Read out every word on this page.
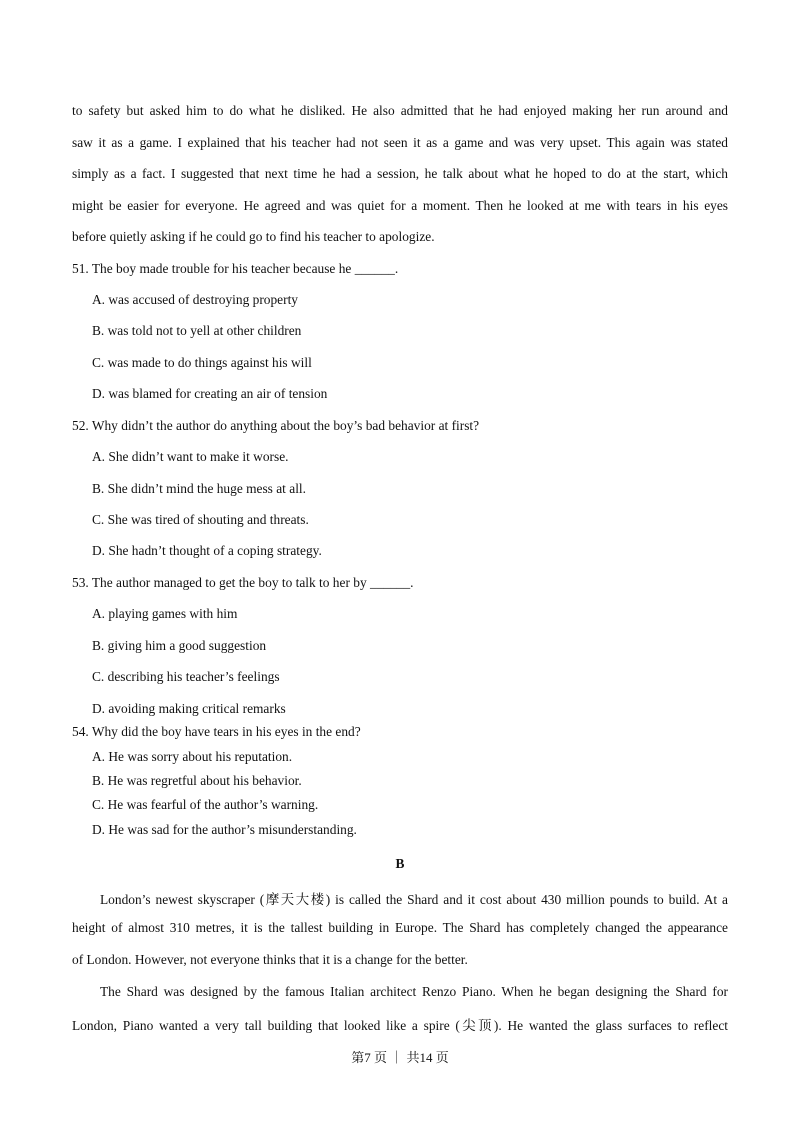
to safety but asked him to do what he disliked. He also admitted that he had enjoyed making her run around and
saw it as a game. I explained that his teacher had not seen it as a game and was very upset. This again was stated
simply as a fact. I suggested that next time he had a session, he talk about what he hoped to do at the start, which
might be easier for everyone. He agreed and was quiet for a moment. Then he looked at me with tears in his eyes
before quietly asking if he could go to find his teacher to apologize.
51. The boy made trouble for his teacher because he ______.
A. was accused of destroying property
B. was told not to yell at other children
C. was made to do things against his will
D. was blamed for creating an air of tension
52. Why didn’t the author do anything about the boy’s bad behavior at first?
A. She didn’t want to make it worse.
B. She didn’t mind the huge mess at all.
C. She was tired of shouting and threats.
D. She hadn’t thought of a coping strategy.
53. The author managed to get the boy to talk to her by ______.
A. playing games with him
B. giving him a good suggestion
C. describing his teacher’s feelings
D. avoiding making critical remarks
54. Why did the boy have tears in his eyes in the end?
A. He was sorry about his reputation.
B. He was regretful about his behavior.
C. He was fearful of the author’s warning.
D. He was sad for the author’s misunderstanding.
B
London’s newest skyscraper (摩天大楼) is called the Shard and it cost about 430 million pounds to build. At a
height of almost 310 metres, it is the tallest building in Europe. The Shard has completely changed the appearance
of London. However, not everyone thinks that it is a change for the better.
The Shard was designed by the famous Italian architect Renzo Piano. When he began designing the Shard for
London, Piano wanted a very tall building that looked like a spire (尖顶). He wanted the glass surfaces to reflect
第7 页 ｜ 共14 页
